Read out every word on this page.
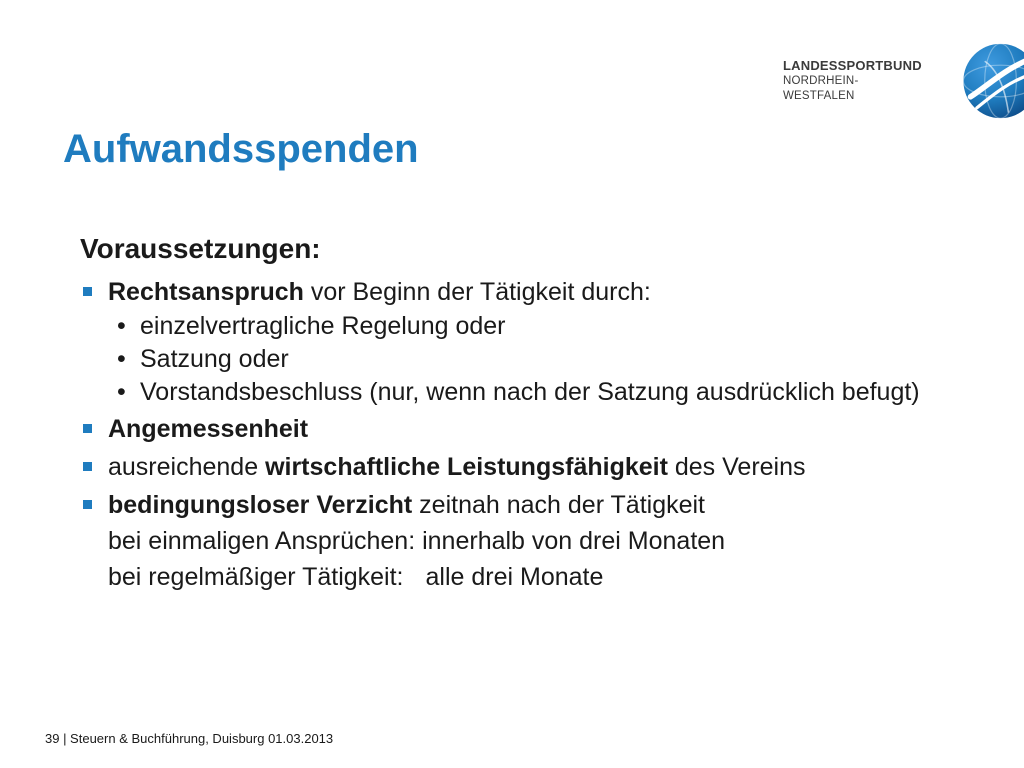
LANDESSPORTBUND
NORDRHEIN-WESTFALEN
Aufwandsspenden
Voraussetzungen:
Rechtsanspruch vor Beginn der Tätigkeit durch:
• einzelvertragliche Regelung oder
• Satzung oder
• Vorstandsbeschluss (nur, wenn nach der Satzung ausdrücklich befugt)
Angemessenheit
ausreichende wirtschaftliche Leistungsfähigkeit des Vereins
bedingungsloser Verzicht zeitnah nach der Tätigkeit
bei einmaligen Ansprüchen: innerhalb von drei Monaten
bei regelmäßiger Tätigkeit: alle drei Monate
39 | Steuern & Buchführung, Duisburg 01.03.2013
